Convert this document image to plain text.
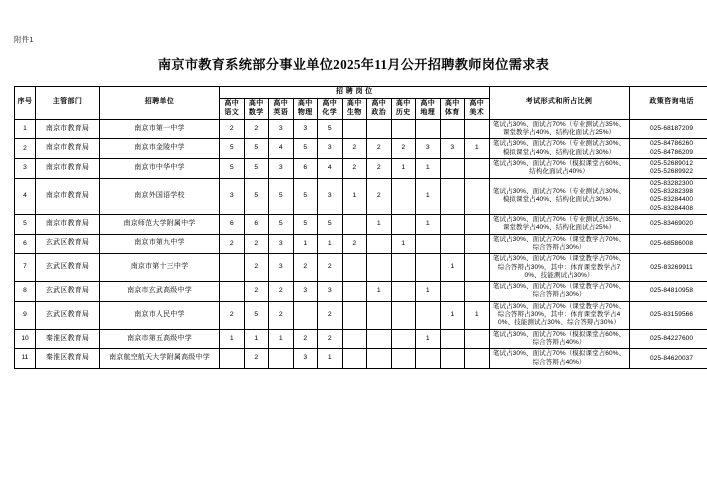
附件1
南京市教育系统部分事业单位2025年11月公开招聘教师岗位需求表
序号	主管部门	招聘单位	招 聘 岗 位											考试形式和所占比例	政策咨询电话
			高中语文	高中数学	高中英语	高中物理	高中化学	高中生物	高中政治	高中历史	高中地理	高中体育	高中美术		
1	南京市教育局	南京市第一中学	2	2	3	3	5							笔试占30%、面试占70%（专业测试占35%、课堂教学占40%、结构化面试占25%）	025-68187209

2	南京市教育局	南京市金陵中学	5	5	4	5	3	2	2	2	3	3	1	笔试占30%、面试占70%（专业测试占30%、模拟课堂占40%、结构化面试占30%）	025-84786260
025-84786209

3	南京市教育局	南京市中华中学	5	5	3	6	4	2	2	1	1			笔试占30%、面试占70%（模拟课堂占60%、结构化面试占40%）	025-52689012
025-52689922

4	南京市教育局	南京外国语学校	3	5	5	5	3	1	2		1			笔试占30%、面试占70%（专业测试占30%、模拟课堂占40%、结构化面试占30%）	025-83282300
025-83282398
025-83284400
025-83284408

5	南京市教育局	南京师范大学附属中学	6	6	5	5	5		1		1			笔试占30%、面试占70%（专业测试占35%、课堂教学占40%、结构化面试占25%）	025-83469020

6	玄武区教育局	南京市第九中学	2	2	3	1	1	2		1				笔试占30%、面试占70%（课堂教学占70%、综合答辩占30%）	025-68586008

7	玄武区教育局	南京市第十三中学		2	3	2	2					1		笔试占30%、面试占70%（课堂教学占70%、综合答辩占30%，其中：体育课堂教学占70%、技能测试占30%）	025-83269911

8	玄武区教育局	南京市玄武高级中学		2	2	3	3		1		1			笔试占30%、面试占70%（课堂教学占70%、综合答辩占30%）	025-84810958

9	玄武区教育局	南京市人民中学	2	5	2		2					1	1	笔试占30%、面试占70%（课堂教学占70%、综合答辩占30%，其中：体育课堂教学占40%、技能测试占30%、综合答辩占30%）	025-83159566

10	秦淮区教育局	南京市第五高级中学	1	1	1	2	2				1			笔试占30%、面试占70%（模拟课堂占60%、综合答辩占40%）	025-84227600

11	秦淮区教育局	南京航空航天大学附属高级中学		2		3	1							笔试占30%、面试占70%（模拟课堂占60%、综合答辩占40%）	025-84620037
